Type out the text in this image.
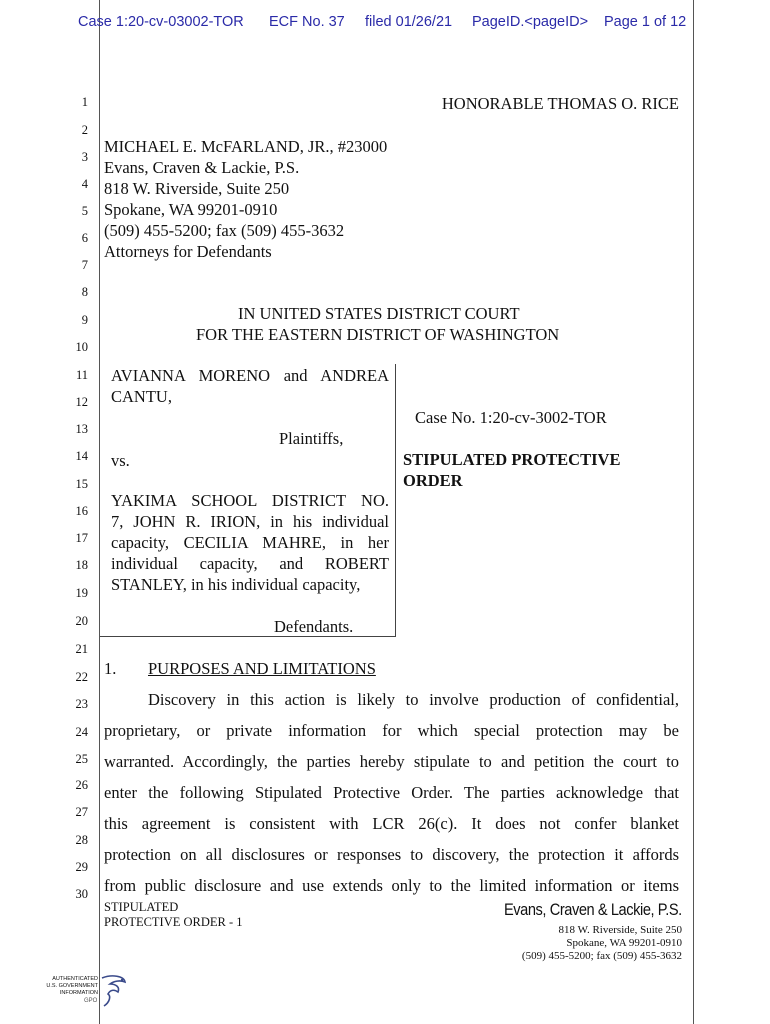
Case 1:20-cv-03002-TOR ECF No. 37 filed 01/26/21 PageID.<pageID> Page 1 of 12
1
2
3
4
5
6
7
8
9
10
11
12
13
14
15
16
17
18
19
20
21
22
23
24
25
26
27
28
29
30
HONORABLE THOMAS O. RICE
MICHAEL E. McFARLAND, JR., #23000
Evans, Craven & Lackie, P.S.
818 W. Riverside, Suite 250
Spokane, WA 99201-0910
(509) 455-5200; fax (509) 455-3632
Attorneys for Defendants
IN UNITED STATES DISTRICT COURT
FOR THE EASTERN DISTRICT OF WASHINGTON
AVIANNA MORENO and ANDREA
CANTU,
Plaintiffs,
vs.
YAKIMA SCHOOL DISTRICT NO.
7, JOHN R. IRION, in his individual
capacity, CECILIA MAHRE, in her
individual capacity, and ROBERT
STANLEY, in his individual capacity,
Defendants.
Case No. 1:20-cv-3002-TOR
STIPULATED PROTECTIVE
ORDER
1. PURPOSES AND LIMITATIONS
Discovery in this action is likely to involve production of confidential,
proprietary, or private information for which special protection may be
warranted. Accordingly, the parties hereby stipulate to and petition the court to
enter the following Stipulated Protective Order. The parties acknowledge that
this agreement is consistent with LCR 26(c). It does not confer blanket
protection on all disclosures or responses to discovery, the protection it affords
from public disclosure and use extends only to the limited information or items
STIPULATED
PROTECTIVE ORDER - 1
Evans, Craven & Lackie, P.S.
818 W. Riverside, Suite 250
Spokane, WA 99201-0910
(509) 455-5200; fax (509) 455-3632
AUTHENTICATED
U.S. GOVERNMENT
INFORMATION
GPO
